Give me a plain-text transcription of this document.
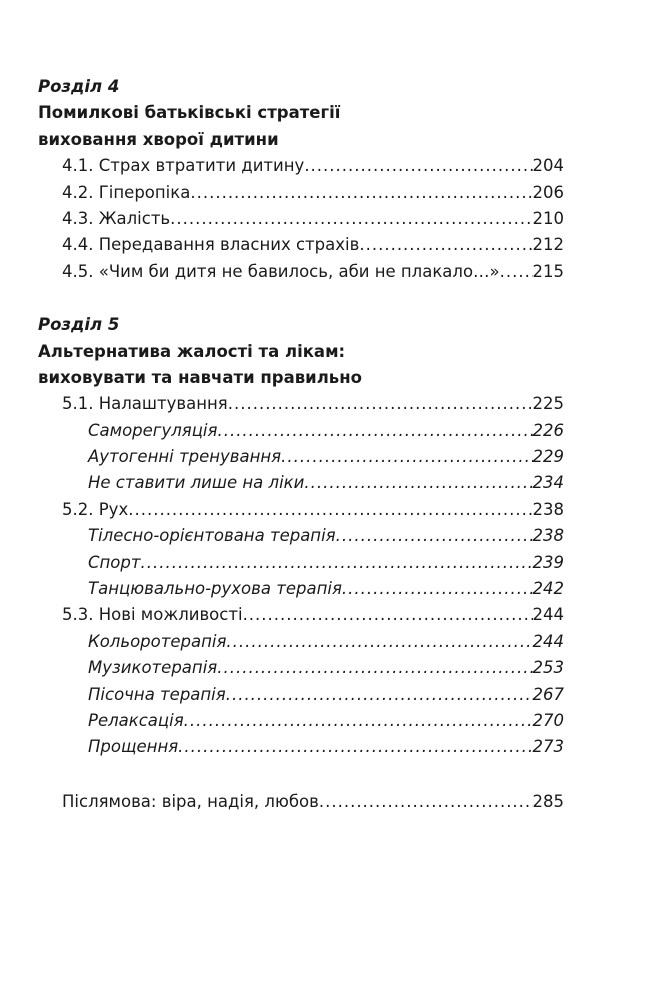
Розділ 4
Помилкові батьківські стратегії
виховання хворої дитини
4.1. Страх втратити дитину .....	204
4.2. Гіперопіка .....	206
4.3. Жалість .....	210
4.4. Передавання власних страхів .....	212
4.5. «Чим би дитя не бавилось, аби не плакало…» ..... 215
Розділ 5
Альтернатива жалості та лікам:
виховувати та навчати правильно
5.1. Налаштування .....	225
Саморегуляція .....	226
Аутогенні тренування .....	229
Не ставити лише на ліки .....	234
5.2. Рух .....	238
Тілесно-орієнтована терапія .....	238
Спорт .....	239
Танцювально-рухова терапія .....	242
5.3. Нові можливості .....	244
Кольоротерапія .....	244
Музикотерапія .....	253
Пісочна терапія .....	267
Релаксація .....	270
Прощення .....	273
Післямова: віра, надія, любов .....	285
